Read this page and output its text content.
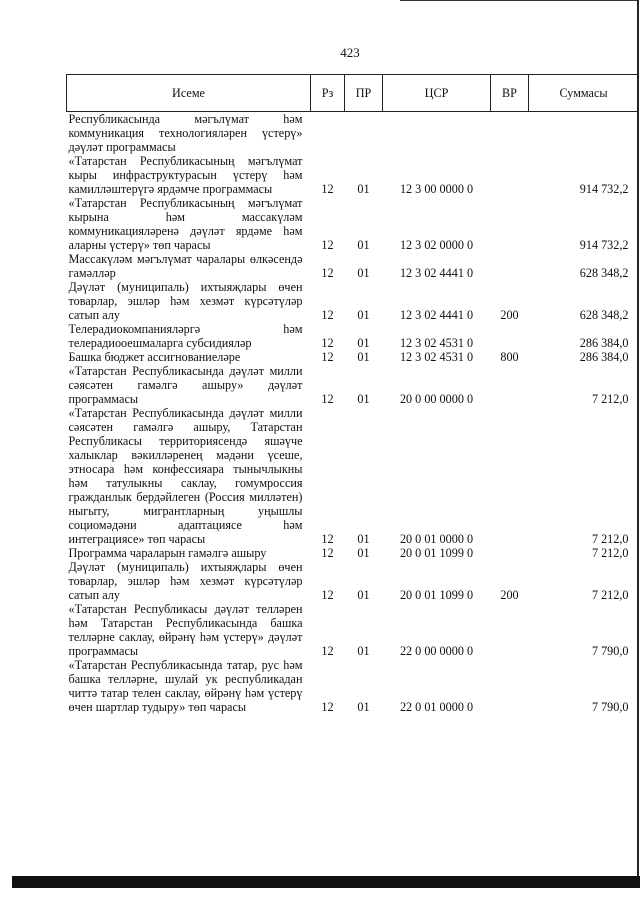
423
Исеме	Рз	ПР	ЦСР	ВР	Суммасы
Республикасында мәгълүмат һәм коммуникация технологияләрен үстерү» дәүләт программасы					
«Татарстан Республикасының мәгълүмат кыры инфраструктурасын үстерү һәм камилләштерүгә ярдәмче программасы	12	01	12 3 00 0000 0		914 732,2
«Татарстан Республикасының мәгълүмат кырына һәм массакүләм коммуникацияләренә дәүләт ярдәме һәм аларны үстерү» төп чарасы	12	01	12 3 02 0000 0		914 732,2
Массакүләм мәгълүмат чаралары өлкәсендә гамәлләр	12	01	12 3 02 4441 0		628 348,2
Дәүләт (муниципаль) ихтыяҗлары өчен товарлар, эшләр һәм хезмәт күрсәтүләр сатып алу	12	01	12 3 02 4441 0	200	628 348,2
Телерадиокомпанияләргә һәм телерадиооешмаларга субсидияләр	12	01	12 3 02 4531 0		286 384,0
Башка бюджет ассигнованиеләре	12	01	12 3 02 4531 0	800	286 384,0
«Татарстан Республикасында дәүләт милли сәясәтен гамәлгә ашыру» дәүләт программасы	12	01	20 0 00 0000 0		7 212,0
«Татарстан Республикасында дәүләт милли сәясәтен гамәлгә ашыру, Татарстан Республикасы территориясендә яшәүче халыклар вәкилләренең мәдәни үсеше, этносара һәм конфессияара тынычлыкны һәм татулыкны саклау, гомумроссия гражданлык бердәйлеген (Россия милләтен) ныгыту, мигрантларның уңышлы социомәдәни адаптациясе һәм интеграциясе» төп чарасы	12	01	20 0 01 0000 0		7 212,0
Программа чараларын гамәлгә ашыру	12	01	20 0 01 1099 0		7 212,0
Дәүләт (муниципаль) ихтыяҗлары өчен товарлар, эшләр һәм хезмәт күрсәтүләр сатып алу	12	01	20 0 01 1099 0	200	7 212,0
«Татарстан Республикасы дәүләт телләрен һәм Татарстан Республикасында башка телләрне саклау, өйрәнү һәм үстерү» дәүләт программасы	12	01	22 0 00 0000 0		7 790,0
«Татарстан Республикасында татар, рус һәм башка телләрне, шулай ук республикадан читтә татар телен саклау, өйрәнү һәм үстерү өчен шартлар тудыру» төп чарасы	12	01	22 0 01 0000 0		7 790,0
